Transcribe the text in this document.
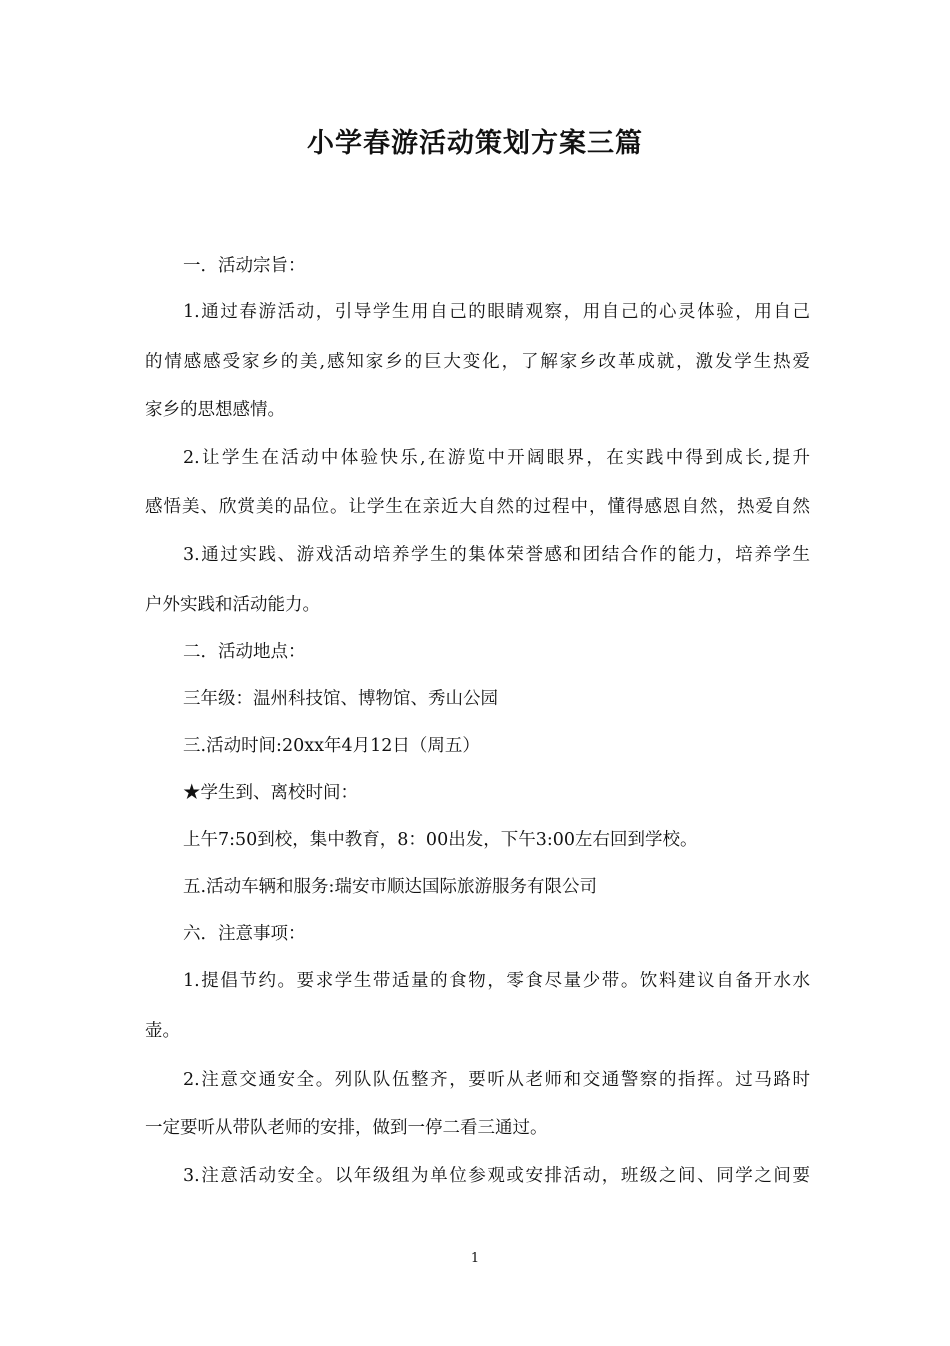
小学春游活动策划方案三篇
一．活动宗旨：
1.通过春游活动，引导学生用自己的眼睛观察，用自己的心灵体验，用自己
的情感感受家乡的美,感知家乡的巨大变化，了解家乡改革成就，激发学生热爱
家乡的思想感情。
2.让学生在活动中体验快乐,在游览中开阔眼界，在实践中得到成长,提升
感悟美、欣赏美的品位。让学生在亲近大自然的过程中，懂得感恩自然，热爱自然
3.通过实践、游戏活动培养学生的集体荣誉感和团结合作的能力，培养学生
户外实践和活动能力。
二．活动地点：
三年级：温州科技馆、博物馆、秀山公园
三.活动时间:20xx年4月12日（周五）
★学生到、离校时间：
上午7:50到校，集中教育，8：00出发，下午3:00左右回到学校。
五.活动车辆和服务:瑞安市顺达国际旅游服务有限公司
六．注意事项：
1.提倡节约。要求学生带适量的食物，零食尽量少带。饮料建议自备开水水
壶。
2.注意交通安全。列队队伍整齐，要听从老师和交通警察的指挥。过马路时
一定要听从带队老师的安排，做到一停二看三通过。
3.注意活动安全。以年级组为单位参观或安排活动，班级之间、同学之间要
1
